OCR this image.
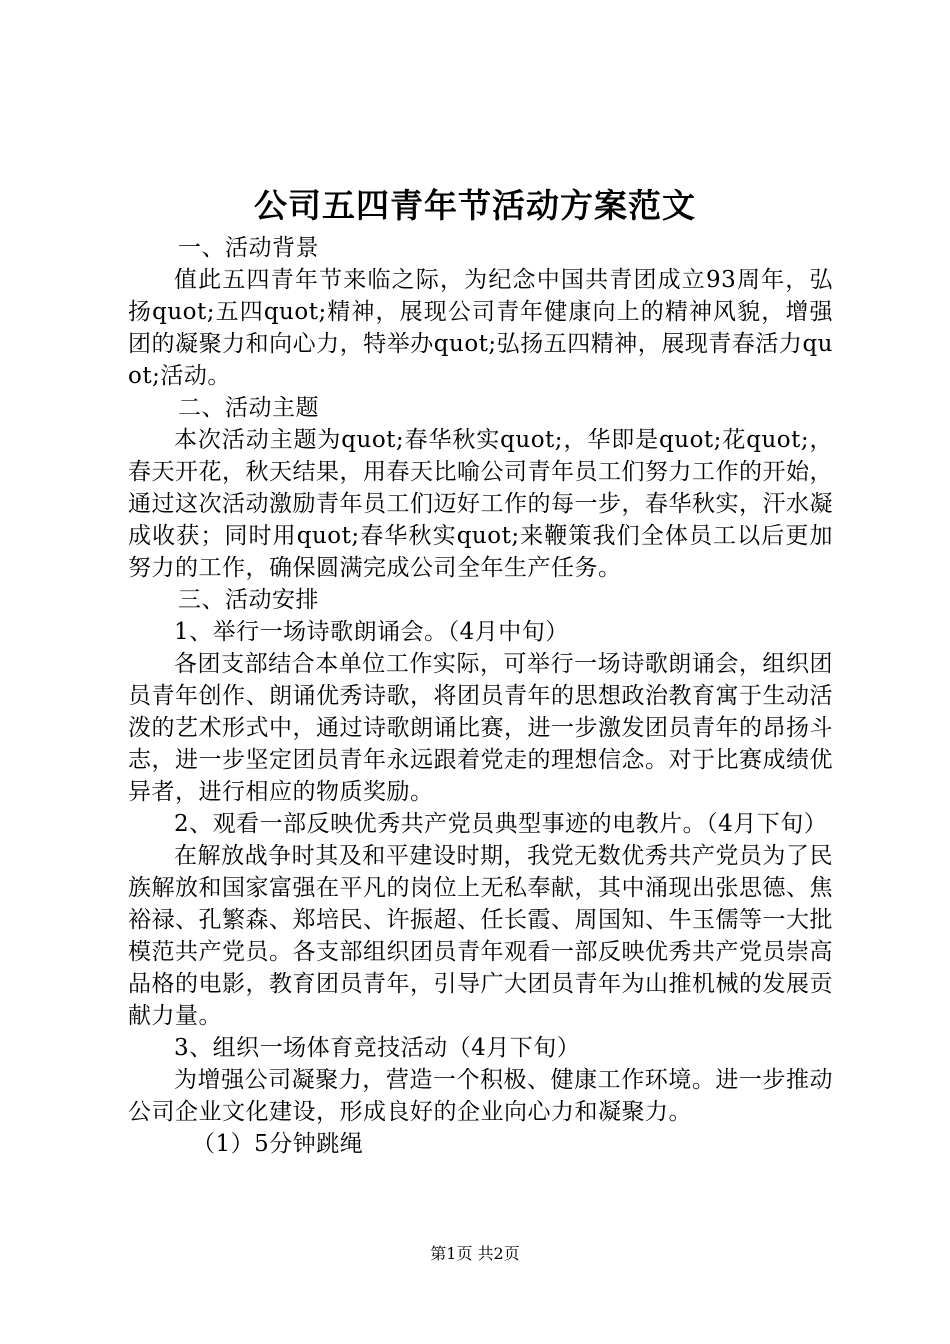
公司五四青年节活动方案范文

一、活动背景

值此五四青年节来临之际，为纪念中国共青团成立93周年，弘扬quot;五四quot;精神，展现公司青年健康向上的精神风貌，增强团的凝聚力和向心力，特举办quot;弘扬五四精神，展现青春活力quot;活动。

二、活动主题

本次活动主题为quot;春华秋实quot;，华即是quot;花quot;，春天开花，秋天结果，用春天比喻公司青年员工们努力工作的开始，通过这次活动激励青年员工们迈好工作的每一步，春华秋实，汗水凝成收获；同时用quot;春华秋实quot;来鞭策我们全体员工以后更加努力的工作，确保圆满完成公司全年生产任务。

三、活动安排

1、举行一场诗歌朗诵会。（4月中旬）

各团支部结合本单位工作实际，可举行一场诗歌朗诵会，组织团员青年创作、朗诵优秀诗歌，将团员青年的思想政治教育寓于生动活泼的艺术形式中，通过诗歌朗诵比赛，进一步激发团员青年的昂扬斗志，进一步坚定团员青年永远跟着党走的理想信念。对于比赛成绩优异者，进行相应的物质奖励。

2、观看一部反映优秀共产党员典型事迹的电教片。（4月下旬）

在解放战争时其及和平建设时期，我党无数优秀共产党员为了民族解放和国家富强在平凡的岗位上无私奉献，其中涌现出张思德、焦裕禄、孔繁森、郑培民、许振超、任长霞、周国知、牛玉儒等一大批模范共产党员。各支部组织团员青年观看一部反映优秀共产党员崇高品格的电影，教育团员青年，引导广大团员青年为山推机械的发展贡献力量。

3、组织一场体育竞技活动（4月下旬）

为增强公司凝聚力，营造一个积极、健康工作环境。进一步推动公司企业文化建设，形成良好的企业向心力和凝聚力。

（1）5分钟跳绳

第1页 共2页
